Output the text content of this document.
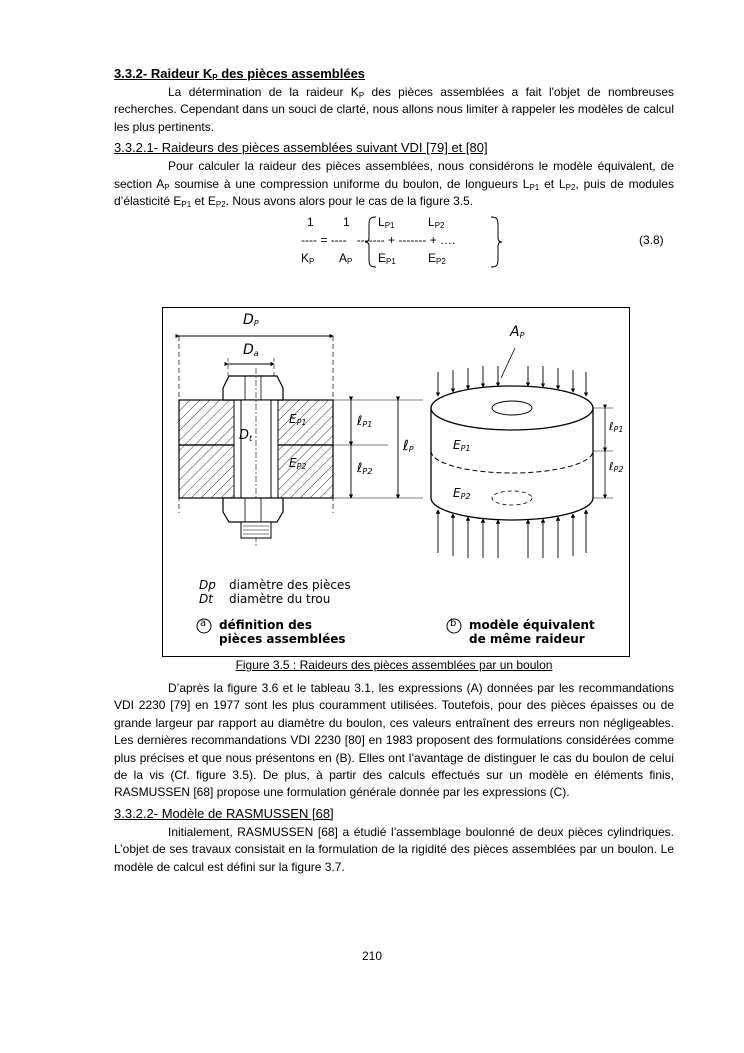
3.3.2- Raideur $K_P$ des pièces assemblées

La détermination de la raideur $K_P$ des pièces assemblées a fait l'objet de nombreuses recherches. Cependant dans un souci de clarté, nous allons nous limiter à rappeler les modèles de calcul les plus pertinents.

3.3.2.1- Raideurs des pièces assemblées suivant VDI [79] et [80]

Pour calculer la raideur des pièces assemblées, nous considérons le modèle équivalent, de section $A_P$ soumise à une compression uniforme du boulon, de longueurs $L_{P1}$ et $L_{P2}$, puis de modules d’élasticité $E_{P1}$ et $E_{P2}$. Nous avons alors pour le cas de la figure 3.5.

1 1 $L_{P1}$	$L_{P2}$
---- = ---- ------- + ------- + ….
$K_P$ $A_P$ $E_{P1}$	$E_{P2}$
(3.8)
$D_P$
$D_a$
$D_t$
$E_{P1}$
$E_{P2}$
ℓ$_{P1}$
ℓ$_{P2}$
ℓ$_P$
$A_P$
$E_{P1}$
$E_{P2}$
ℓ$_{P1}$
ℓ$_{P2}$
Dp diamètre des pièces
Dt diamètre du trou
a définition des
pièces assemblées
b modèle équivalent
de même raideur
Figure 3.5 : Raideurs des pièces assemblées par un boulon

D’après la figure 3.6 et le tableau 3.1, les expressions (A) données par les recommandations VDI 2230 [79] en 1977 sont les plus couramment utilisées. Toutefois, pour des pièces épaisses ou de grande largeur par rapport au diamètre du boulon, ces valeurs entraînent des erreurs non négligeables. Les dernières recommandations VDI 2230 [80] en 1983 proposent des formulations considérées comme plus précises et que nous présentons en (B). Elles ont l’avantage de distinguer le cas du boulon de celui de la vis (Cf. figure 3.5). De plus, à partir des calculs effectués sur un modèle en éléments finis, RASMUSSEN [68] propose une formulation générale donnée par les expressions (C).

3.3.2.2- Modèle de RASMUSSEN [68]

Initialement, RASMUSSEN [68] a étudié l’assemblage boulonné de deux pièces cylindriques. L’objet de ses travaux consistait en la formulation de la rigidité des pièces assemblées par un boulon. Le modèle de calcul est défini sur la figure 3.7.

210
